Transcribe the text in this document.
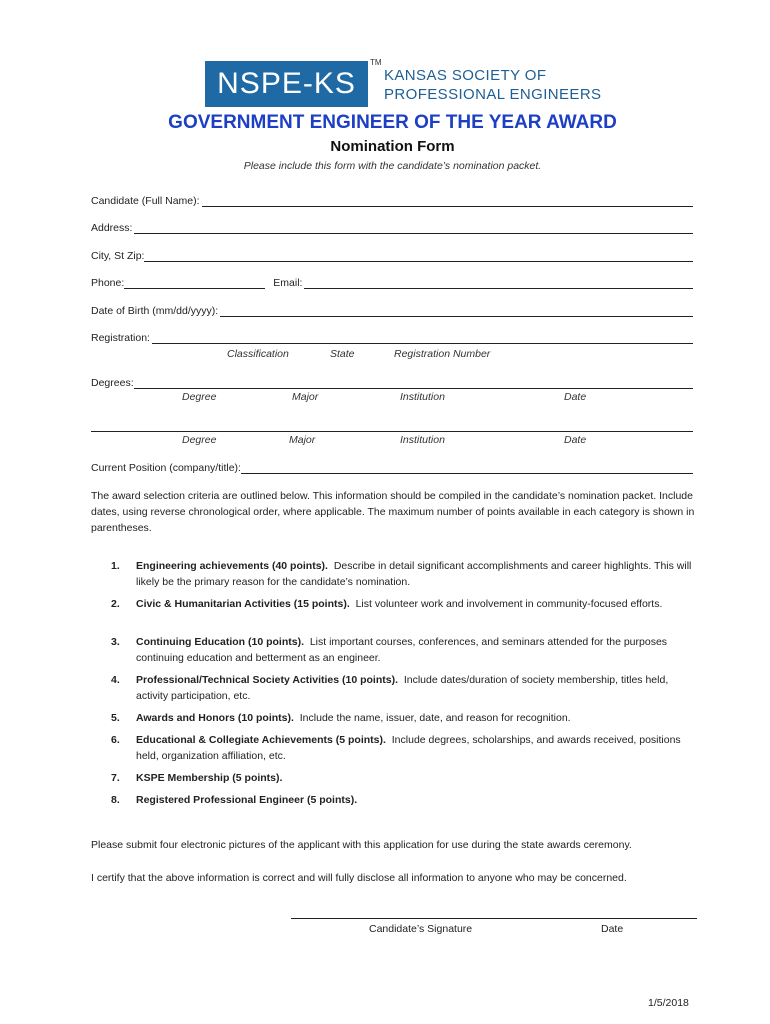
NSPE-KS
TM
KANSAS SOCIETY OF
PROFESSIONAL ENGINEERS
GOVERNMENT ENGINEER OF THE YEAR AWARD
Nomination Form
Please include this form with the candidate’s nomination packet.
Candidate (Full Name):
Address:
City, St Zip:
Phone:	Email:
Date of Birth (mm/dd/yyyy):
Registration:
Classification	State	Registration Number
Degrees:
Degree	Major	Institution	Date
Degree	Major	Institution	Date
Current Position (company/title):
The award selection criteria are outlined below. This information should be compiled in the candidate’s nomination packet. Include dates, using reverse chronological order, where applicable. The maximum number of points available in each category is shown in parentheses.
1. Engineering achievements (40 points). Describe in detail significant accomplishments and career highlights. This will likely be the primary reason for the candidate’s nomination.
2. Civic & Humanitarian Activities (15 points). List volunteer work and involvement in community-focused efforts.
3. Continuing Education (10 points). List important courses, conferences, and seminars attended for the purposes continuing education and betterment as an engineer.
4. Professional/Technical Society Activities (10 points). Include dates/duration of society membership, titles held, activity participation, etc.
5. Awards and Honors (10 points). Include the name, issuer, date, and reason for recognition.
6. Educational & Collegiate Achievements (5 points). Include degrees, scholarships, and awards received, positions held, organization affiliation, etc.
7. KSPE Membership (5 points).
8. Registered Professional Engineer (5 points).
Please submit four electronic pictures of the applicant with this application for use during the state awards ceremony.
I certify that the above information is correct and will fully disclose all information to anyone who may be concerned.
Candidate’s Signature	Date
1/5/2018
